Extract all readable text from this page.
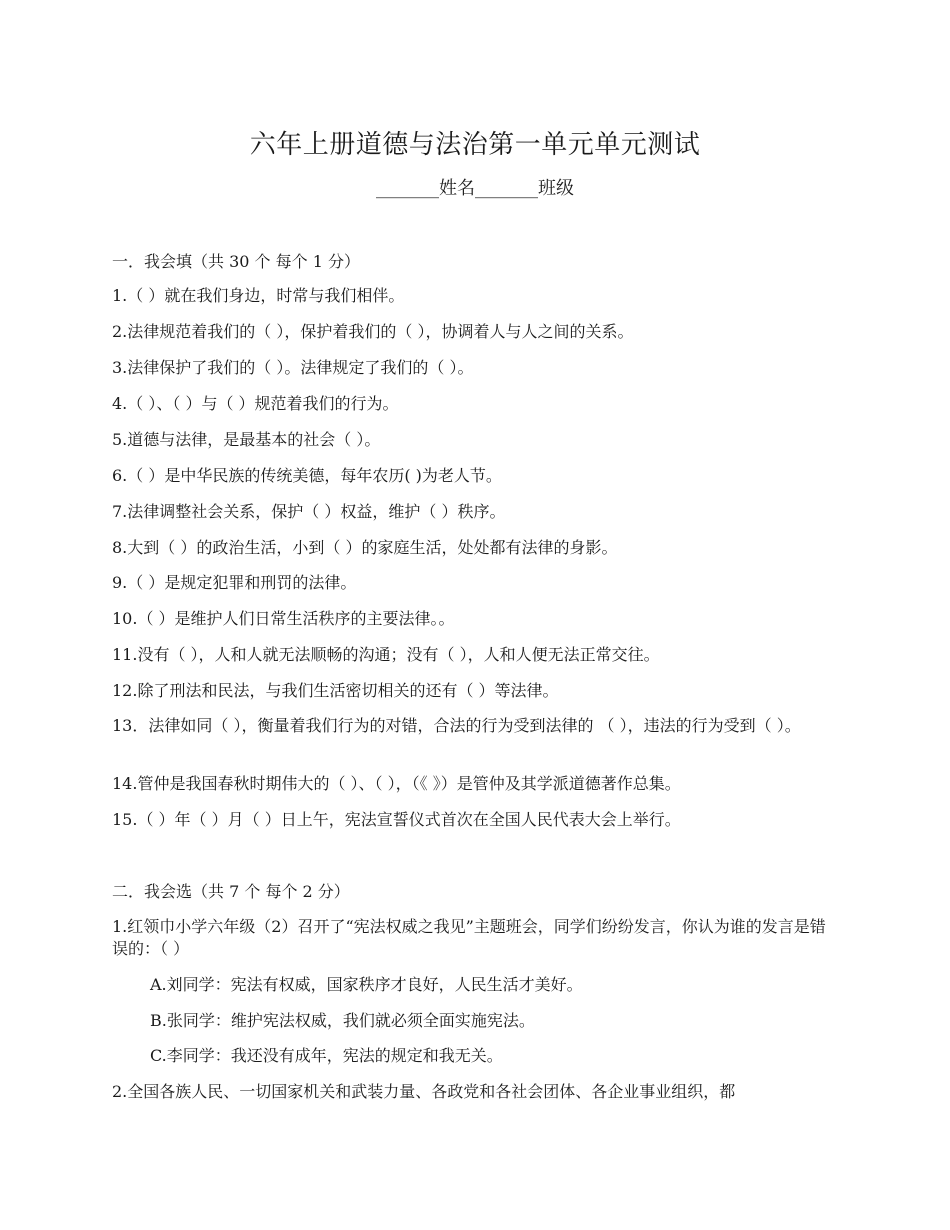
六年上册道德与法治第一单元单元测试
_______姓名_______班级
一．我会填（共 30 个 每个 1 分）
1.（ ）就在我们身边，时常与我们相伴。
2.法律规范着我们的（ ），保护着我们的（ ），协调着人与人之间的关系。
3.法律保护了我们的（ ）。法律规定了我们的（ ）。
4.（ ）、（ ）与（ ）规范着我们的行为。
5.道德与法律，是最基本的社会（ ）。
6.（ ）是中华民族的传统美德，每年农历( )为老人节。
7.法律调整社会关系，保护（ ）权益，维护（ ）秩序。
8.大到（ ）的政治生活，小到（ ）的家庭生活，处处都有法律的身影。
9.（ ）是规定犯罪和刑罚的法律。
10.（ ）是维护人们日常生活秩序的主要法律。。
11.没有（ ），人和人就无法顺畅的沟通；没有（ ），人和人便无法正常交往。
12.除了刑法和民法，与我们生活密切相关的还有（ ）等法律。
13．法律如同（ ），衡量着我们行为的对错，合法的行为受到法律的 （ ），违法的行为受到（ ）。
14.管仲是我国春秋时期伟大的（ ）、（ ），（《 》）是管仲及其学派道德著作总集。
15.（ ）年（ ）月（ ）日上午，宪法宣誓仪式首次在全国人民代表大会上举行。
二．我会选（共 7 个 每个 2 分）
1.红领巾小学六年级（2）召开了“宪法权威之我见”主题班会，同学们纷纷发言，你认为谁的发言是错误的：（ ）
A.刘同学：宪法有权威，国家秩序才良好，人民生活才美好。
B.张同学：维护宪法权威，我们就必须全面实施宪法。
C.李同学：我还没有成年，宪法的规定和我无关。
2.全国各族人民、一切国家机关和武装力量、各政党和各社会团体、各企业事业组织，都
